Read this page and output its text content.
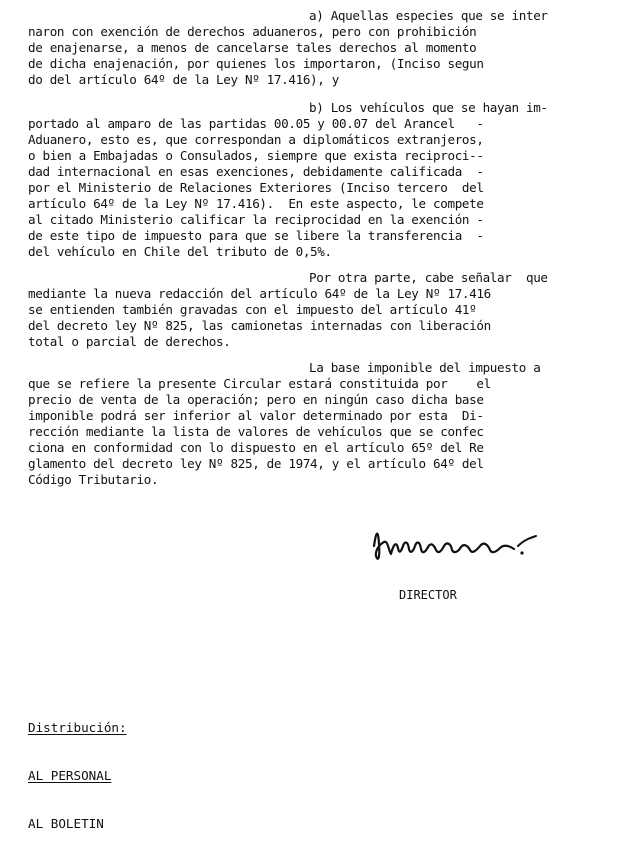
a) Aquellas especies que se inter
naron con exención de derechos aduaneros, pero con prohibición
de enajenarse, a menos de cancelarse tales derechos al momento
de dicha enajenación, por quienes los importaron, (Inciso segun
do del artículo 64º de la Ley Nº 17.416), y
b) Los vehículos que se hayan im-
portado al amparo de las partidas 00.05 y 00.07 del Arancel   -
Aduanero, esto es, que correspondan a diplomáticos extranjeros,
o bien a Embajadas o Consulados, siempre que exista reciproci--
dad internacional en esas exenciones, debidamente calificada  -
por el Ministerio de Relaciones Exteriores (Inciso tercero  del
artículo 64º de la Ley Nº 17.416).  En este aspecto, le compete
al citado Ministerio calificar la reciprocidad en la exención -
de este tipo de impuesto para que se libere la transferencia  -
del vehículo en Chile del tributo de 0,5%.
Por otra parte, cabe señalar  que
mediante la nueva redacción del artículo 64º de la Ley Nº 17.416
se entienden también gravadas con el impuesto del artículo 41º
del decreto ley Nº 825, las camionetas internadas con liberación
total o parcial de derechos.
La base imponible del impuesto a
que se refiere la presente Circular estará constituida por    el
precio de venta de la operación; pero en ningún caso dicha base
imponible podrá ser inferior al valor determinado por esta  Di-
rección mediante la lista de valores de vehículos que se confec
ciona en conformidad con lo dispuesto en el artículo 65º del Re
glamento del decreto ley Nº 825, de 1974, y el artículo 64º del
Código Tributario.
DIRECTOR

Distribución:

AL PERSONAL

AL BOLETIN
